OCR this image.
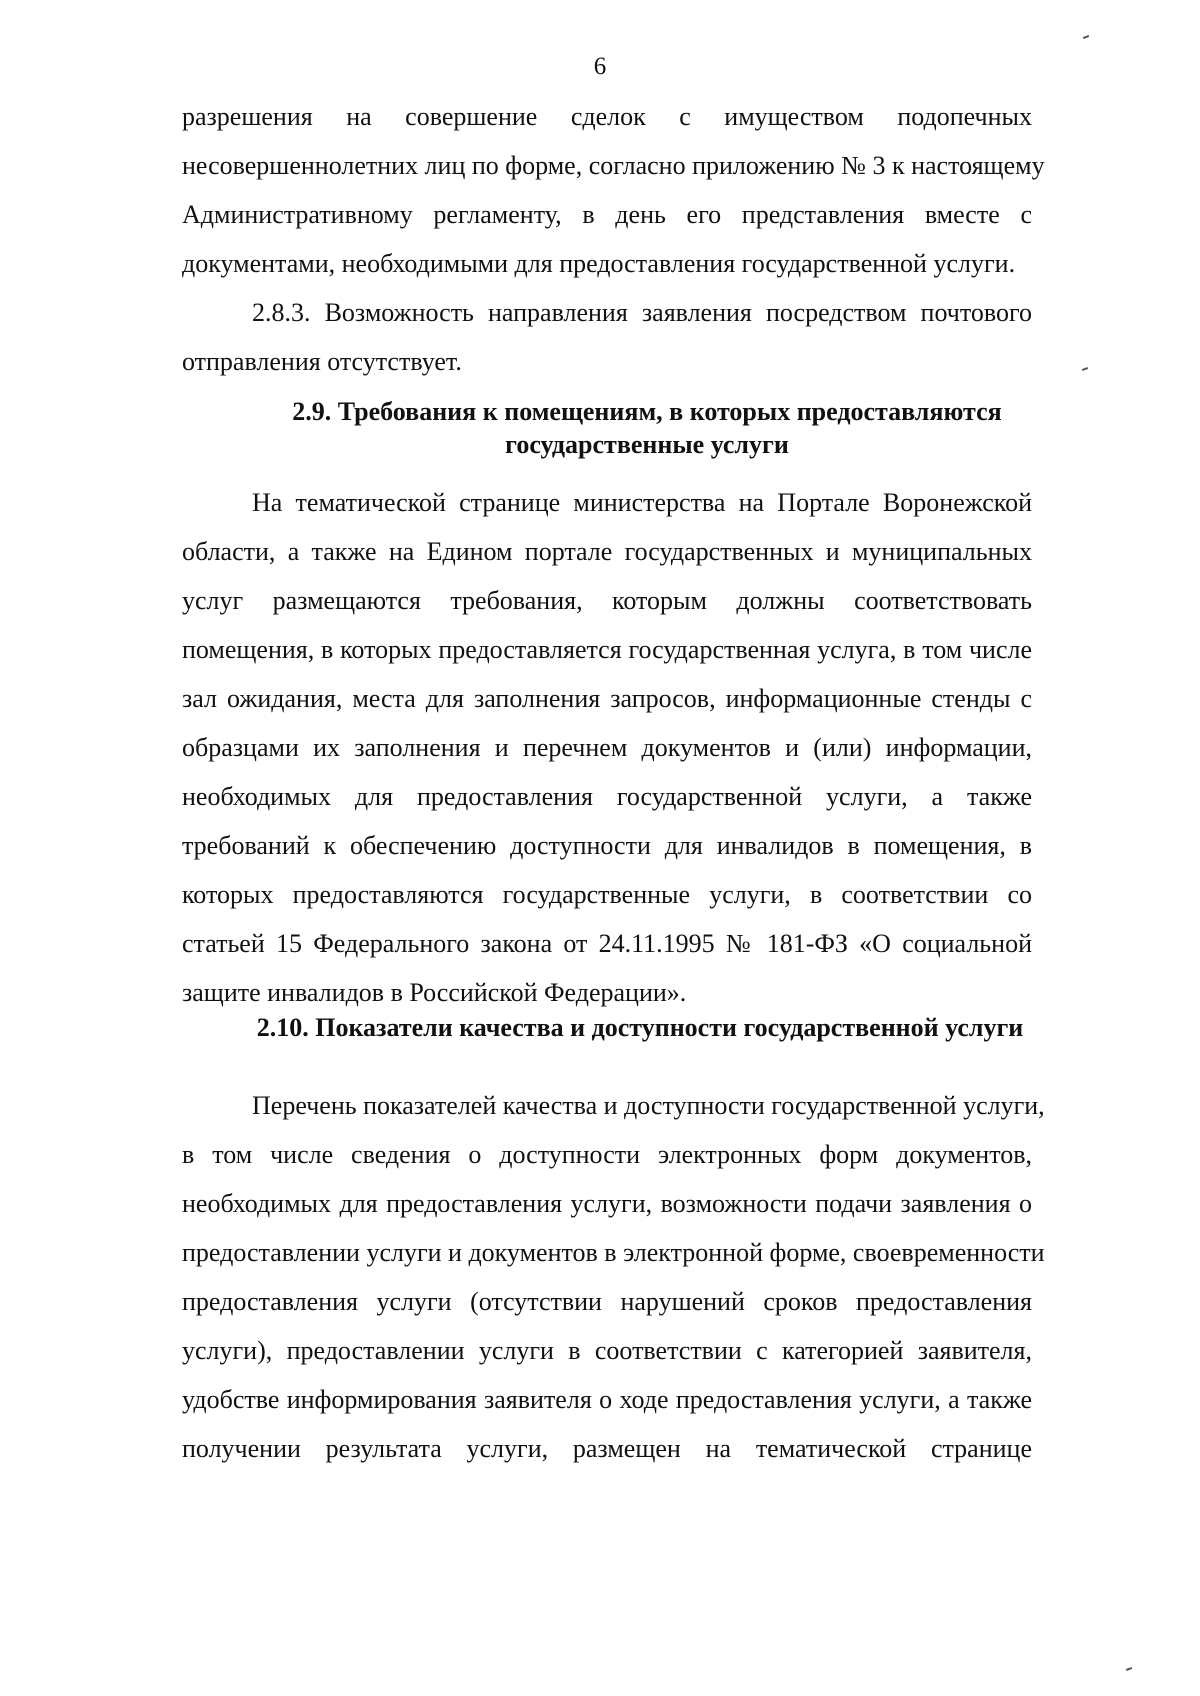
6
разрешения на совершение сделок с имуществом подопечных
несовершеннолетних лиц по форме, согласно приложению № 3 к настоящему
Административному регламенту, в день его представления вместе с
документами, необходимыми для предоставления государственной услуги.
2.8.3. Возможность направления заявления посредством почтового
отправления отсутствует.
2.9. Требования к помещениям, в которых предоставляются
государственные услуги
На тематической странице министерства на Портале Воронежской
области, а также на Едином портале государственных и муниципальных
услуг размещаются требования, которым должны соответствовать
помещения, в которых предоставляется государственная услуга, в том числе
зал ожидания, места для заполнения запросов, информационные стенды с
образцами их заполнения и перечнем документов и (или) информации,
необходимых для предоставления государственной услуги, а также
требований к обеспечению доступности для инвалидов в помещения, в
которых предоставляются государственные услуги, в соответствии со
статьей 15 Федерального закона от 24.11.1995 № 181-ФЗ «О социальной
защите инвалидов в Российской Федерации».
2.10. Показатели качества и доступности государственной услуги
Перечень показателей качества и доступности государственной услуги,
в том числе сведения о доступности электронных форм документов,
необходимых для предоставления услуги, возможности подачи заявления о
предоставлении услуги и документов в электронной форме, своевременности
предоставления услуги (отсутствии нарушений сроков предоставления
услуги), предоставлении услуги в соответствии с категорией заявителя,
удобстве информирования заявителя о ходе предоставления услуги, а также
получении результата услуги, размещен на тематической странице
